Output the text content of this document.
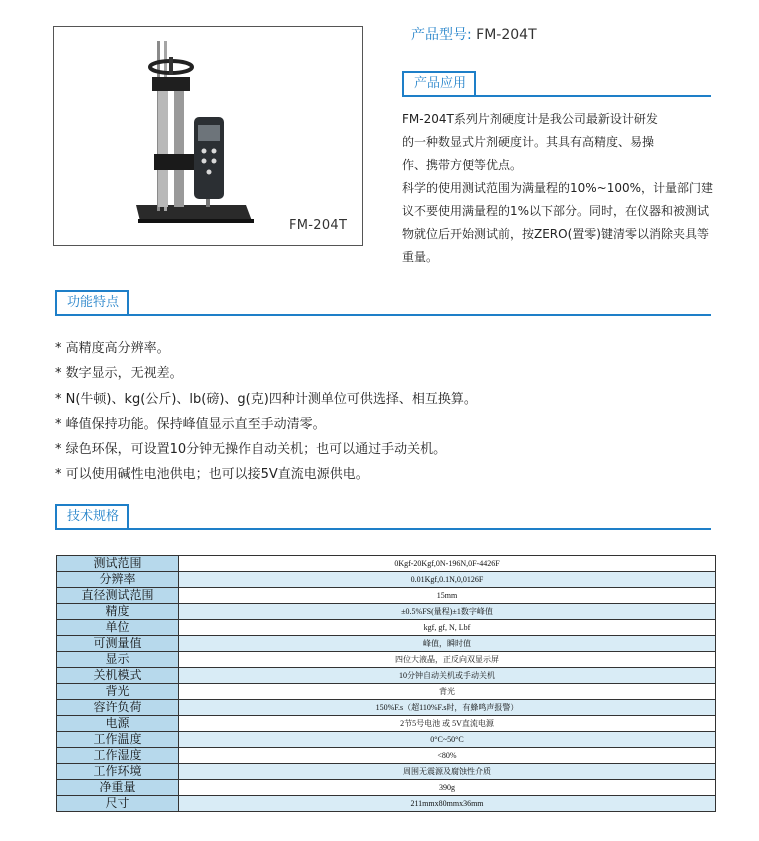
FM-204T
产品型号: FM-204T
产品应用

FM-204T系列片剂硬度计是我公司最新设计研发

的一种数显式片剂硬度计。其具有高精度、易操

作、携带方便等优点。

科学的使用测试范围为满量程的10%~100%，计量部门建

议不要使用满量程的1%以下部分。同时，在仪器和被测试

物就位后开始测试前，按ZERO(置零)键清零以消除夹具等

重量。

功能特点
* 高精度高分辨率。
* 数字显示，无视差。
* N(牛顿)、kg(公斤)、lb(磅)、g(克)四种计测单位可供选择、相互换算。
* 峰值保持功能。保持峰值显示直至手动清零。
* 绿色环保，可设置10分钟无操作自动关机；也可以通过手动关机。
* 可以使用碱性电池供电；也可以接5V直流电源供电。
技术规格
测试范围	0Kgf-20Kgf,0N-196N,0F-4426F
分辨率	0.01Kgf,0.1N,0,0126F
直径测试范围	15mm
精度	±0.5%FS(量程)±1数字峰值
单位	kgf, gf, N, Lbf
可测量值	峰值，瞬时值
显示	四位大液晶，正反向双显示屏
关机模式	10分钟自动关机或手动关机
背光	背光
容许负荷	150%F.s（超110%F.s时，有蜂鸣声报警）
电源	2节5号电池 或 5V直流电源
工作温度	0°C~50°C
工作湿度	<80%
工作环境	周围无震源及腐蚀性介质
净重量	390g
尺寸	211mmx80mmx36mm
